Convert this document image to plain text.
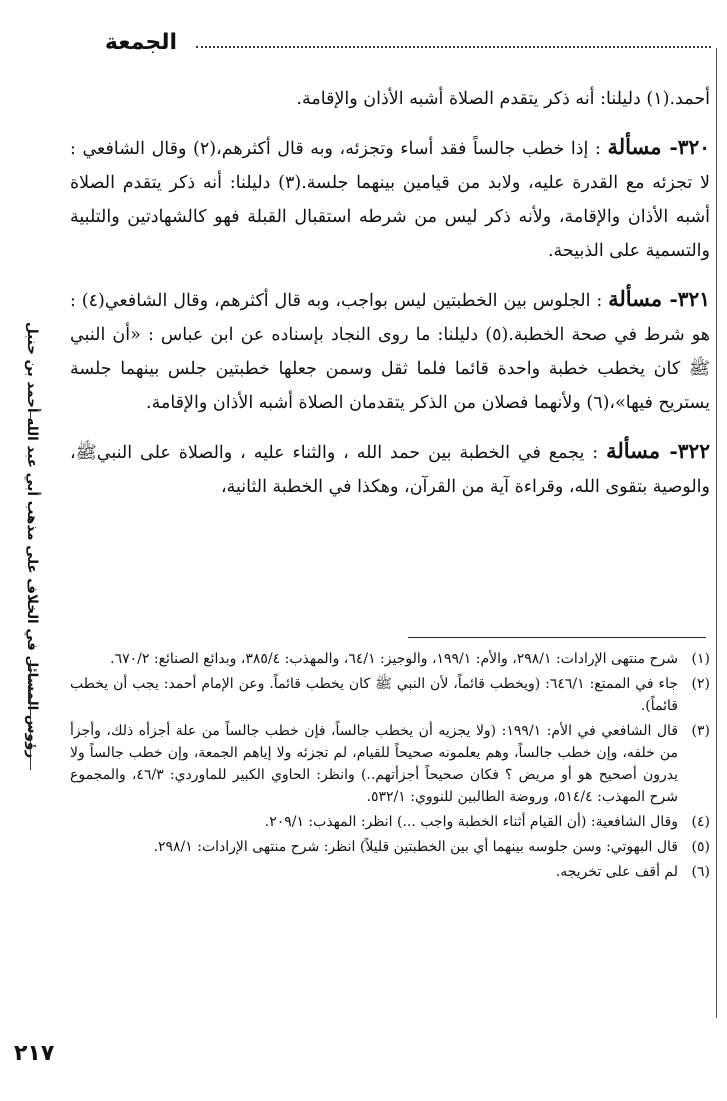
الجمعة
رؤوس المسائل في الخلاف على مذهب أبي عبد الله أحمد بن حنبل

أحمد.(١) دليلنا: أنه ذكر يتقدم الصلاة أشبه الأذان والإقامة.

٣٢٠- مسألة : إذا خطب جالساً فقد أساء وتجزئه، وبه قال أكثرهم،(٢) وقال الشافعي : لا تجزئه مع القدرة عليه، ولابد من قيامين بينهما جلسة.(٣) دليلنا: أنه ذكر يتقدم الصلاة أشبه الأذان والإقامة، ولأنه ذكر ليس من شرطه استقبال القبلة فهو كالشهادتين والتلبية والتسمية على الذبيحة.

٣٢١- مسألة : الجلوس بين الخطبتين ليس بواجب، وبه قال أكثرهم، وقال الشافعي(٤) : هو شرط في صحة الخطبة.(٥) دليلنا: ما روى النجاد بإسناده عن ابن عباس : «أن النبي ﷺ كان يخطب خطبة واحدة قائما فلما ثقل وسمن جعلها خطبتين جلس بينهما جلسة يستريح فيها»،(٦) ولأنهما فصلان من الذكر يتقدمان الصلاة أشبه الأذان والإقامة.

٣٢٢- مسألة : يجمع في الخطبة بين حمد الله ، والثناء عليه ، والصلاة على النبيﷺ، والوصية بتقوى الله، وقراءة آية من القرآن، وهكذا في الخطبة الثانية،

(١)
شرح منتهى الإرادات: ٢٩٨/١، والأم: ١٩٩/١، والوجيز: ٦٤/١، والمهذب: ٣٨٥/٤، وبدائع الصنائع: ٦٧٠/٢.
(٢)
جاء في الممتع: ٦٤٦/١: (ويخطب قائماً، لأن النبي ﷺ كان يخطب قائماً. وعن الإمام أحمد: يجب أن يخطب قائماً).
(٣)
قال الشافعي في الأم: ١٩٩/١: (ولا يجزيه أن يخطب جالساً، فإن خطب جالساً من علة أجزأه ذلك، وأجزأ من خلفه، وإن خطب جالساً، وهم يعلمونه صحيحاً للقيام، لم تجزئه ولا إياهم الجمعة، وإن خطب جالساً ولا يدرون أصحيح هو أو مريض ؟ فكان صحيحاً أجزأتهم..) وانظر: الحاوي الكبير للماوردي: ٤٦/٣، والمجموع شرح المهذب: ٥١٤/٤، وروضة الطالبين للنووي: ٥٣٢/١.
(٤)
وقال الشافعية: (أن القيام أثناء الخطبة واجب ...) انظر: المهذب: ٢٠٩/١.
(٥)
قال البهوتي: وسن جلوسه بينهما أي بين الخطبتين قليلاً) انظر: شرح منتهى الإرادات: ٢٩٨/١.
(٦)
لم أقف على تخريجه.
٢١٧
